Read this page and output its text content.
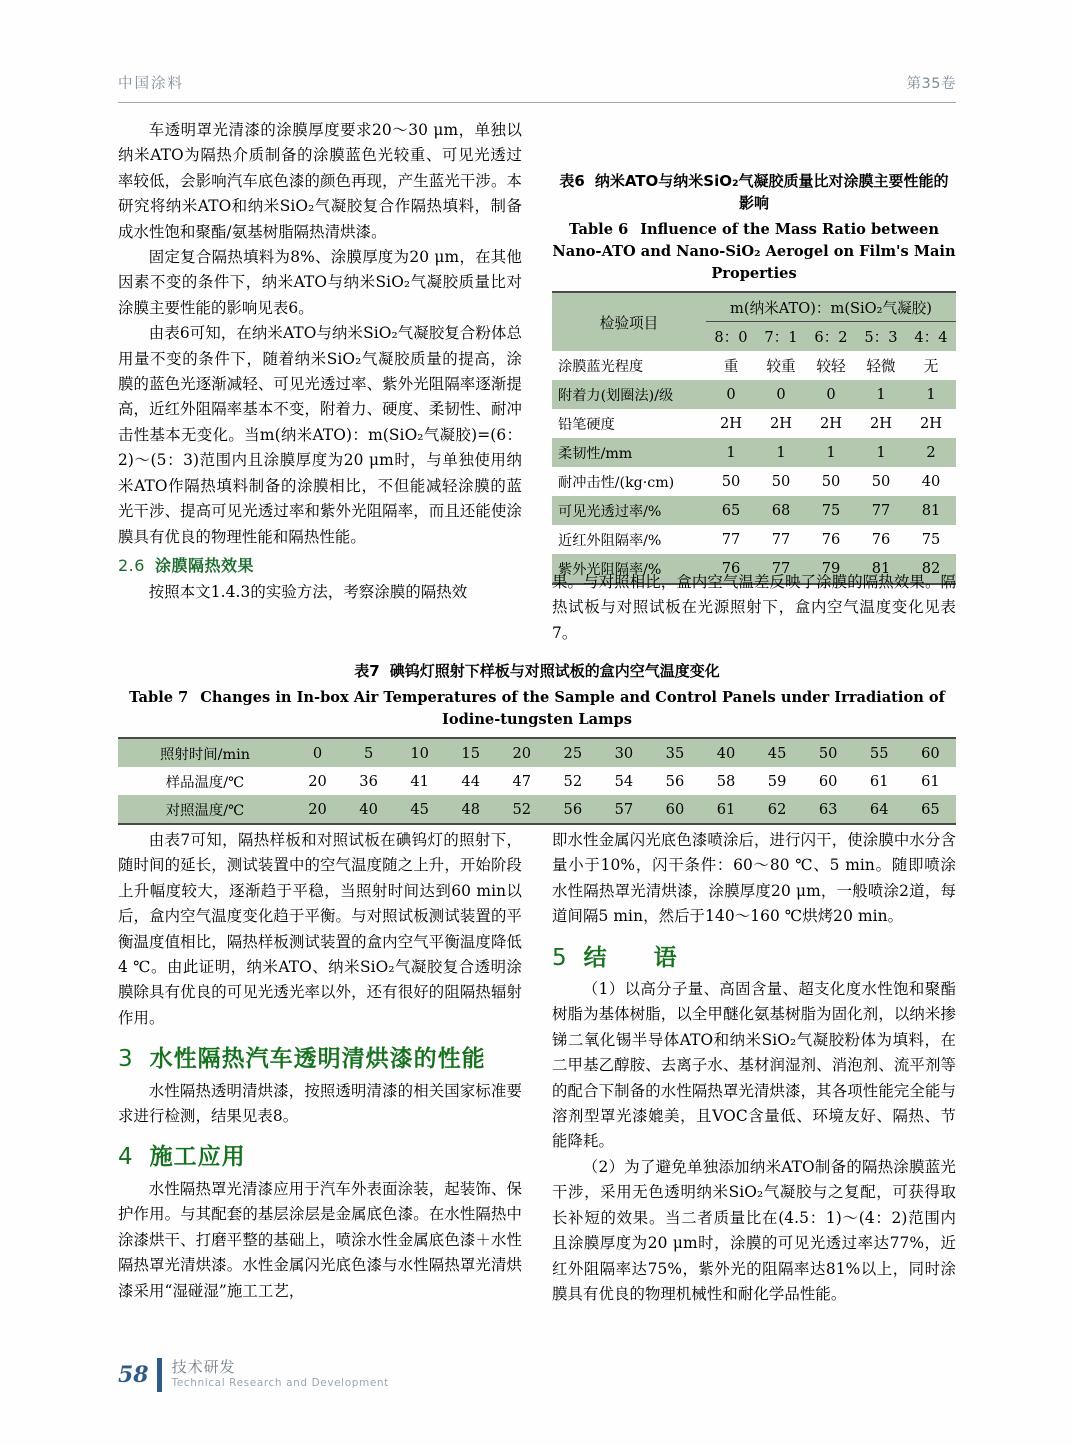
中国涂料	第35卷

车透明罩光清漆的涂膜厚度要求20～30 μm，单独以纳米ATO为隔热介质制备的涂膜蓝色光较重、可见光透过率较低，会影响汽车底色漆的颜色再现，产生蓝光干涉。本研究将纳米ATO和纳米SiO₂气凝胶复合作隔热填料，制备成水性饱和聚酯/氨基树脂隔热清烘漆。

固定复合隔热填料为8%、涂膜厚度为20 μm，在其他因素不变的条件下，纳米ATO与纳米SiO₂气凝胶质量比对涂膜主要性能的影响见表6。

由表6可知，在纳米ATO与纳米SiO₂气凝胶复合粉体总用量不变的条件下，随着纳米SiO₂气凝胶质量的提高，涂膜的蓝色光逐渐减轻、可见光透过率、紫外光阻隔率逐渐提高，近红外阻隔率基本不变，附着力、硬度、柔韧性、耐冲击性基本无变化。当m(纳米ATO)：m(SiO₂气凝胶)=(6：2)～(5：3)范围内且涂膜厚度为20 μm时，与单独使用纳米ATO作隔热填料制备的涂膜相比，不但能减轻涂膜的蓝光干涉、提高可见光透过率和紫外光阻隔率，而且还能使涂膜具有优良的物理性能和隔热性能。

2.6 涂膜隔热效果

按照本文1.4.3的实验方法，考察涂膜的隔热效

表6 纳米ATO与纳米SiO₂气凝胶质量比对涂膜主要性能的影响
Table 6 Influence of the Mass Ratio between Nano-ATO and Nano-SiO₂ Aerogel on Film's Main Properties
检验项目	m(纳米ATO)：m(SiO₂气凝胶)				
	8：0	7：1	6：2	5：3	4：4
涂膜蓝光程度	重	较重	较轻	轻微	无
附着力(划圈法)/级	0	0	0	1	1
铅笔硬度	2H	2H	2H	2H	2H
柔韧性/mm	1	1	1	1	2
耐冲击性/(kg·cm)	50	50	50	50	40
可见光透过率/%	65	68	75	77	81
近红外阻隔率/%	77	77	76	76	75
紫外光阻隔率/%	76	77	79	81	82

果。与对照相比，盒内空气温差反映了涂膜的隔热效果。隔热试板与对照试板在光源照射下，盒内空气温度变化见表7。

表7 碘钨灯照射下样板与对照试板的盒内空气温度变化
Table 7 Changes in In-box Air Temperatures of the Sample and Control Panels under Irradiation of Iodine-tungsten Lamps
照射时间/min	0	5	10	15	20	25	30	35	40	45	50	55	60
样品温度/℃	20	36	41	44	47	52	54	56	58	59	60	61	61
对照温度/℃	20	40	45	48	52	56	57	60	61	62	63	64	65

由表7可知，隔热样板和对照试板在碘钨灯的照射下，随时间的延长，测试装置中的空气温度随之上升，开始阶段上升幅度较大，逐渐趋于平稳，当照射时间达到60 min以后，盒内空气温度变化趋于平衡。与对照试板测试装置的平衡温度值相比，隔热样板测试装置的盒内空气平衡温度降低4 ℃。由此证明，纳米ATO、纳米SiO₂气凝胶复合透明涂膜除具有优良的可见光透光率以外，还有很好的阻隔热辐射作用。

3 水性隔热汽车透明清烘漆的性能

水性隔热透明清烘漆，按照透明清漆的相关国家标准要求进行检测，结果见表8。

4 施工应用

水性隔热罩光清漆应用于汽车外表面涂装，起装饰、保护作用。与其配套的基层涂层是金属底色漆。在水性隔热中涂漆烘干、打磨平整的基础上，喷涂水性金属底色漆＋水性隔热罩光清烘漆。水性金属闪光底色漆与水性隔热罩光清烘漆采用“湿碰湿”施工工艺，

即水性金属闪光底色漆喷涂后，进行闪干，使涂膜中水分含量小于10%，闪干条件：60～80 ℃、5 min。随即喷涂水性隔热罩光清烘漆，涂膜厚度20 μm，一般喷涂2道，每道间隔5 min，然后于140～160 ℃烘烤20 min。

5 结　语

（1）以高分子量、高固含量、超支化度水性饱和聚酯树脂为基体树脂，以全甲醚化氨基树脂为固化剂，以纳米掺锑二氧化锡半导体ATO和纳米SiO₂气凝胶粉体为填料，在二甲基乙醇胺、去离子水、基材润湿剂、消泡剂、流平剂等的配合下制备的水性隔热罩光清烘漆，其各项性能完全能与溶剂型罩光漆媲美，且VOC含量低、环境友好、隔热、节能降耗。

（2）为了避免单独添加纳米ATO制备的隔热涂膜蓝光干涉，采用无色透明纳米SiO₂气凝胶与之复配，可获得取长补短的效果。当二者质量比在(4.5：1)～(4：2)范围内且涂膜厚度为20 μm时，涂膜的可见光透过率达77%，近红外阻隔率达75%，紫外光的阻隔率达81%以上，同时涂膜具有优良的物理机械性和耐化学品性能。

58 技术研发
Technical Research and Development
